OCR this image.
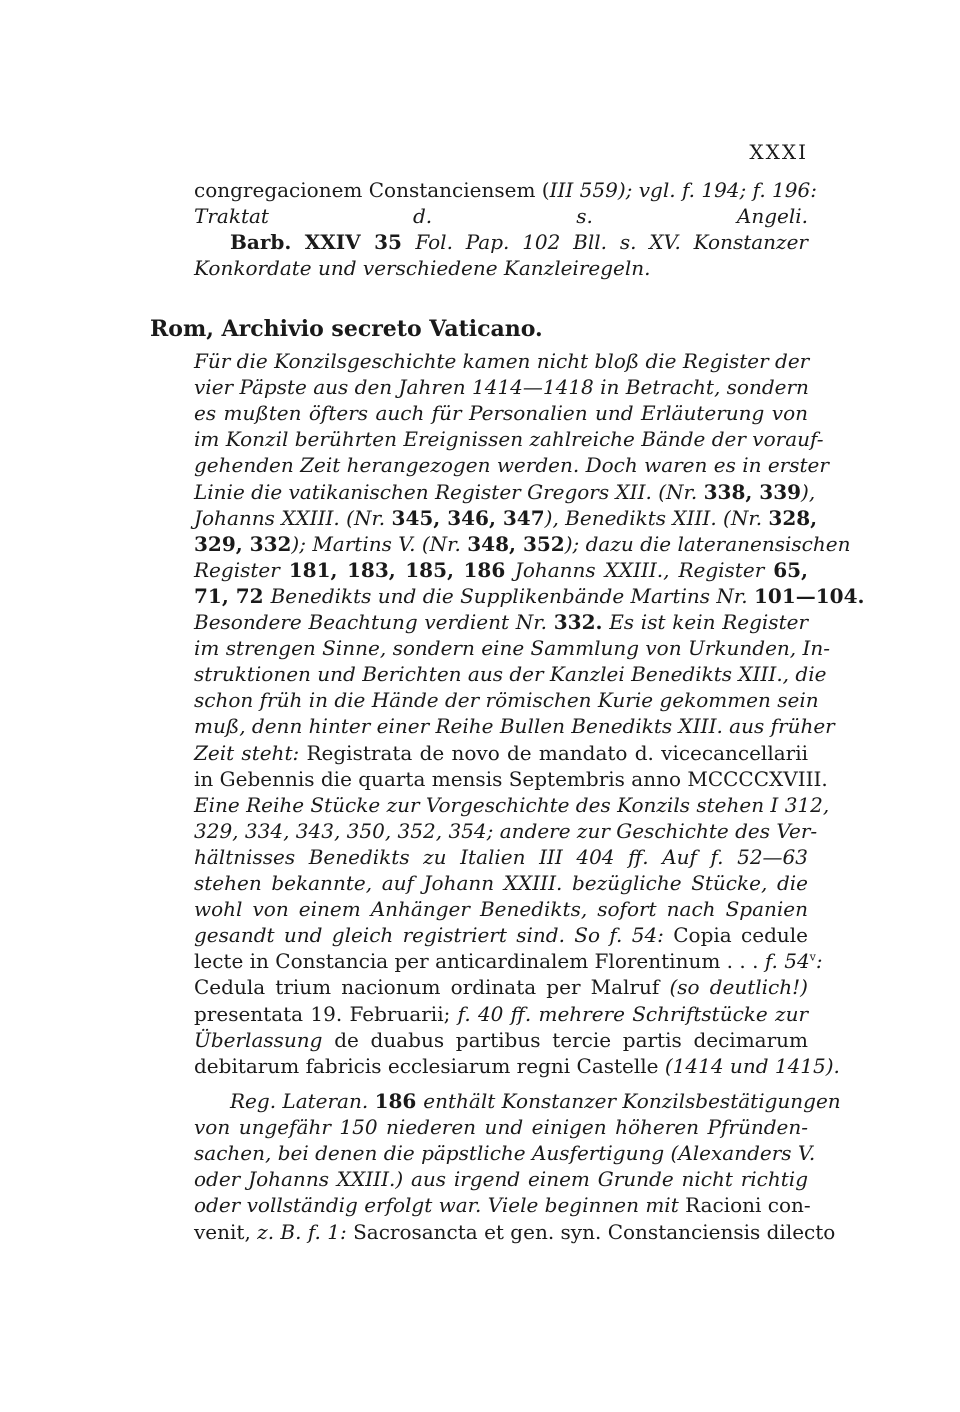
XXXI
congregacionem Constanciensem (III 559); vgl. f. 194; f. 196:
Traktat d. s. Angeli.
Barb. XXIV 35 Fol. Pap. 102 Bll. s. XV. Konstanzer
Konkordate und verschiedene Kanzleiregeln.
Rom, Archivio secreto Vaticano.
Für die Konzilsgeschichte kamen nicht bloß die Register der
vier Päpste aus den Jahren 1414—1418 in Betracht, sondern
es mußten öfters auch für Personalien und Erläuterung von
im Konzil berührten Ereignissen zahlreiche Bände der vorauf-
gehenden Zeit herangezogen werden. Doch waren es in erster
Linie die vatikanischen Register Gregors XII. (Nr. 338, 339),
Johanns XXIII. (Nr. 345, 346, 347), Benedikts XIII. (Nr. 328,
329, 332); Martins V. (Nr. 348, 352); dazu die lateranensischen
Register 181, 183, 185, 186 Johanns XXIII., Register 65,
71, 72 Benedikts und die Supplikenbände Martins Nr. 101—104.
Besondere Beachtung verdient Nr. 332. Es ist kein Register
im strengen Sinne, sondern eine Sammlung von Urkunden, In-
struktionen und Berichten aus der Kanzlei Benedikts XIII., die
schon früh in die Hände der römischen Kurie gekommen sein
muß, denn hinter einer Reihe Bullen Benedikts XIII. aus früher
Zeit steht: Registrata de novo de mandato d. vicecancellarii
in Gebennis die quarta mensis Septembris anno MCCCCXVIII.
Eine Reihe Stücke zur Vorgeschichte des Konzils stehen I 312,
329, 334, 343, 350, 352, 354; andere zur Geschichte des Ver-
hältnisses Benedikts zu Italien III 404 ff. Auf f. 52—63
stehen bekannte, auf Johann XXIII. bezügliche Stücke, die
wohl von einem Anhänger Benedikts, sofort nach Spanien
gesandt und gleich registriert sind. So f. 54: Copia cedule
lecte in Constancia per anticardinalem Florentinum . . . f. 54$^v$:
Cedula trium nacionum ordinata per Malruf (so deutlich!)
presentata 19. Februarii; f. 40 ff. mehrere Schriftstücke zur
Überlassung de duabus partibus tercie partis decimarum
debitarum fabricis ecclesiarum regni Castelle (1414 und 1415).
Reg. Lateran. 186 enthält Konstanzer Konzilsbestätigungen
von ungefähr 150 niederen und einigen höheren Pfründen-
sachen, bei denen die päpstliche Ausfertigung (Alexanders V.
oder Johanns XXIII.) aus irgend einem Grunde nicht richtig
oder vollständig erfolgt war. Viele beginnen mit Racioni con-
venit, z. B. f. 1: Sacrosancta et gen. syn. Constanciensis dilecto
